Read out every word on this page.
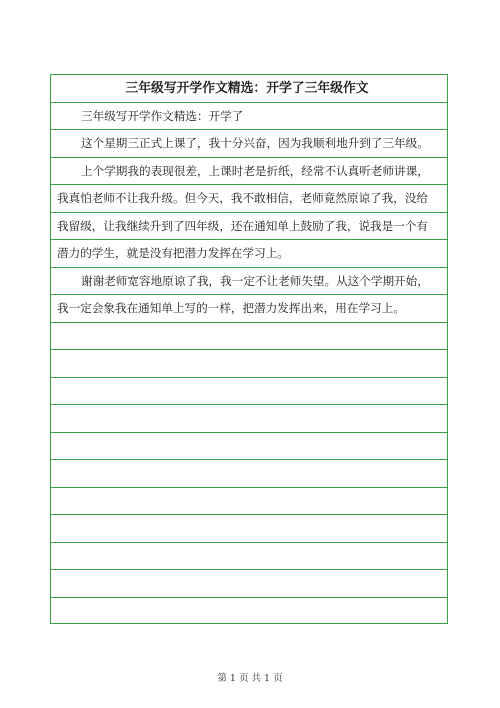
三年级写开学作文精选：开学了三年级作文
三年级写开学作文精选：开学了
这个星期三正式上课了，我十分兴奋，因为我顺利地升到了三年级。
上个学期我的表现很差，上课时老是折纸，经常不认真听老师讲课，
我真怕老师不让我升级。但今天，我不敢相信，老师竟然原谅了我，没给
我留级，让我继续升到了四年级，还在通知单上鼓励了我，说我是一个有
潜力的学生，就是没有把潜力发挥在学习上。
谢谢老师宽容地原谅了我，我一定不让老师失望。从这个学期开始，
我一定会象我在通知单上写的一样，把潜力发挥出来，用在学习上。
第 1 页 共 1 页
